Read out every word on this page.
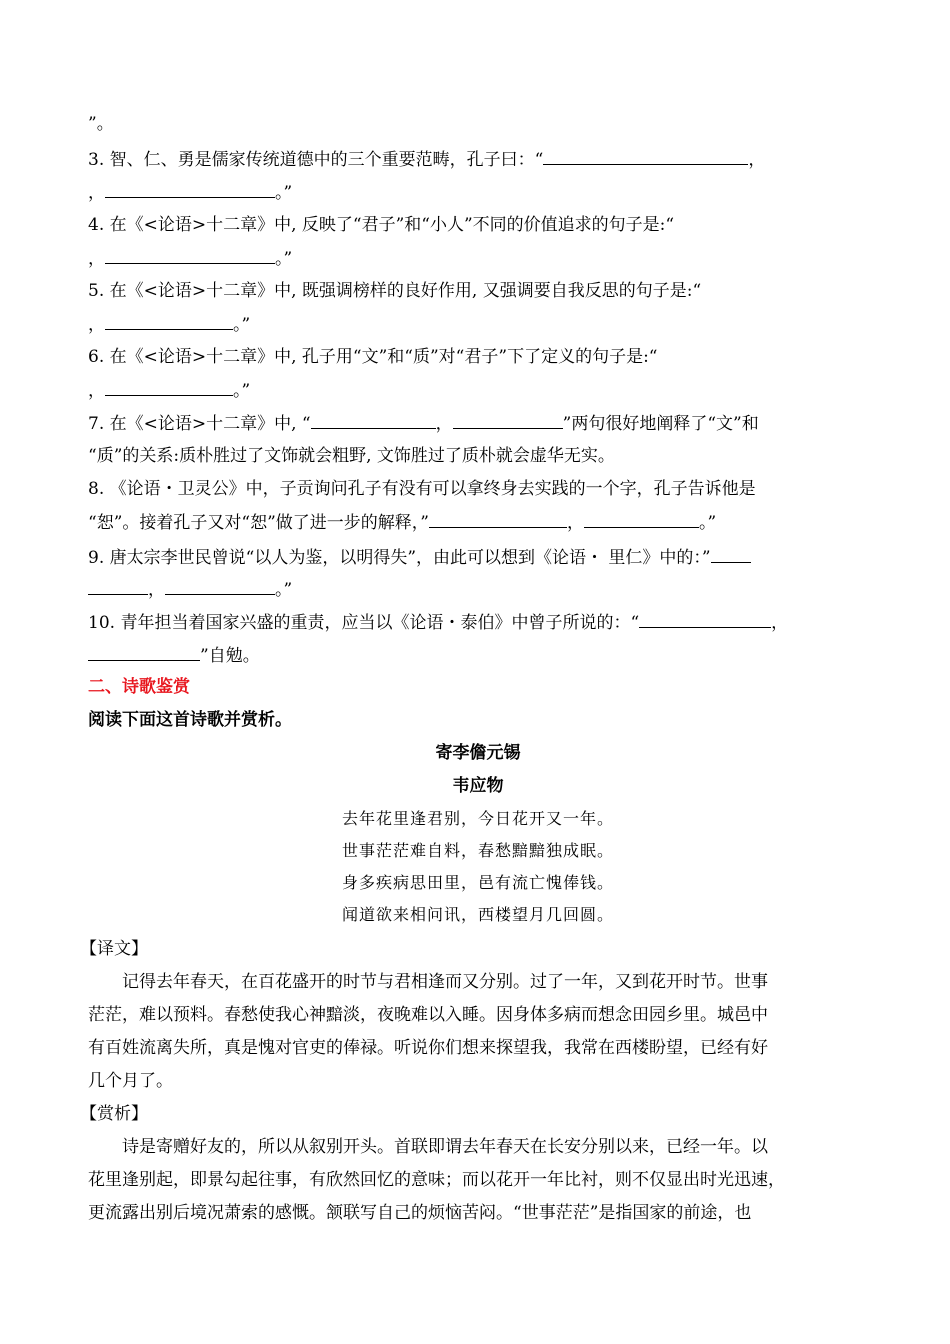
”。
3. 智、仁、勇是儒家传统道德中的三个重要范畴，孔子曰：“	，
，	。”
4. 在《<论语>十二章》中, 反映了“君子”和“小人”不同的价值追求的句子是:“
，	。”
5. 在《<论语>十二章》中, 既强调榜样的良好作用, 又强调要自我反思的句子是:“
，	。”
6. 在《<论语>十二章》中, 孔子用“文”和“质”对“君子”下了定义的句子是:“
，	。”
7. 在《<论语>十二章》中, “	，	”两句很好地阐释了“文”和
“质”的关系:质朴胜过了文饰就会粗野, 文饰胜过了质朴就会虚华无实。
8. 《论语・卫灵公》中，子贡询问孔子有没有可以拿终身去实践的一个字，孔子告诉他是
“恕”。接着孔子又对“恕”做了进一步的解释，”	，	。”
9. 唐太宗李世民曾说“以人为鉴，以明得失”，由此可以想到《论语・ 里仁》中的：”
，	。”
10. 青年担当着国家兴盛的重责，应当以《论语・泰伯》中曾子所说的：“	，
”自勉。
二、诗歌鉴赏
阅读下面这首诗歌并赏析。
寄李儋元锡
韦应物
去年花里逢君别，今日花开又一年。
世事茫茫难自料，春愁黯黯独成眠。
身多疾病思田里，邑有流亡愧俸钱。
闻道欲来相问讯，西楼望月几回圆。
【译文】
记得去年春天，在百花盛开的时节与君相逢而又分别。过了一年，又到花开时节。世事
茫茫，难以预料。春愁使我心神黯淡，夜晚难以入睡。因身体多病而想念田园乡里。城邑中
有百姓流离失所，真是愧对官吏的俸禄。听说你们想来探望我，我常在西楼盼望，已经有好
几个月了。
【赏析】
诗是寄赠好友的，所以从叙别开头。首联即谓去年春天在长安分别以来，已经一年。以
花里逢别起，即景勾起往事，有欣然回忆的意味；而以花开一年比衬，则不仅显出时光迅速，
更流露出别后境况萧索的感慨。颔联写自己的烦恼苦闷。“世事茫茫”是指国家的前途，也
